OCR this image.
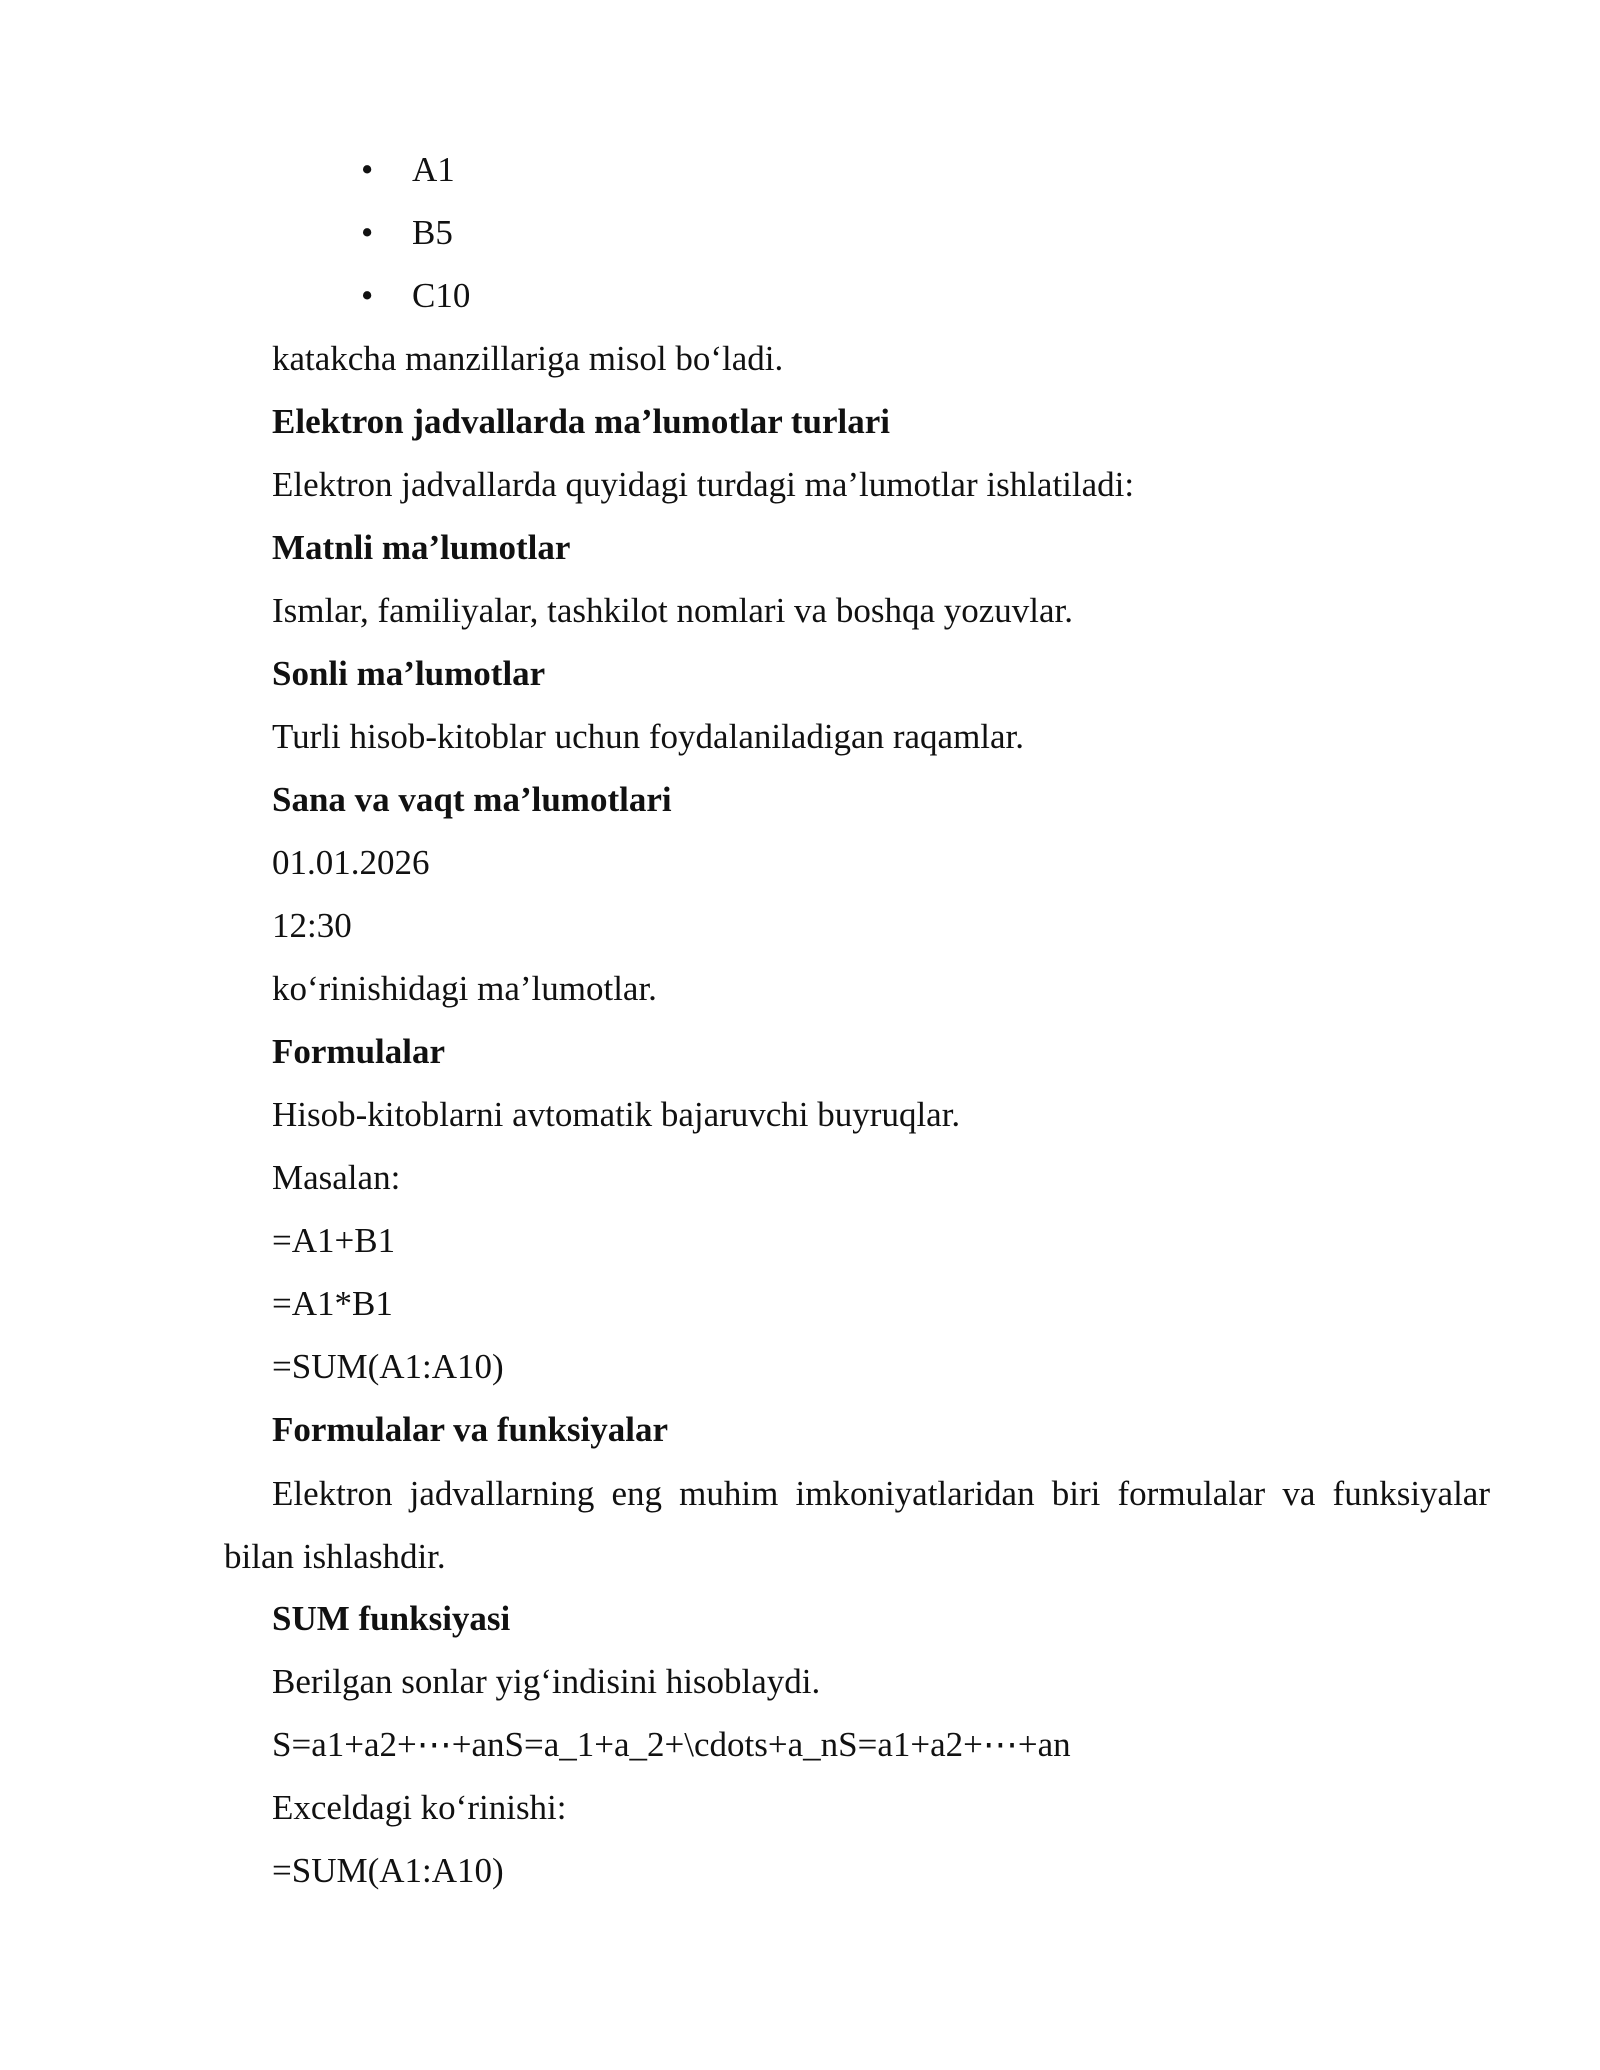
• A1
• B5
• C10
katakcha manzillariga misol bo‘ladi.
Elektron jadvallarda ma’lumotlar turlari
Elektron jadvallarda quyidagi turdagi ma’lumotlar ishlatiladi:
Matnli ma’lumotlar
Ismlar, familiyalar, tashkilot nomlari va boshqa yozuvlar.
Sonli ma’lumotlar
Turli hisob-kitoblar uchun foydalaniladigan raqamlar.
Sana va vaqt ma’lumotlari
01.01.2026
12:30
ko‘rinishidagi ma’lumotlar.
Formulalar
Hisob-kitoblarni avtomatik bajaruvchi buyruqlar.
Masalan:
=A1+B1
=A1*B1
=SUM(A1:A10)
Formulalar va funksiyalar
Elektron jadvallarning eng muhim imkoniyatlaridan biri formulalar va funksiyalar bilan ishlashdir.
SUM funksiyasi
Berilgan sonlar yig‘indisini hisoblaydi.
S=a1+a2+⋯+anS=a_1+a_2+\cdots+a_nS=a1+a2+⋯+an
Exceldagi ko‘rinishi:
=SUM(A1:A10)
